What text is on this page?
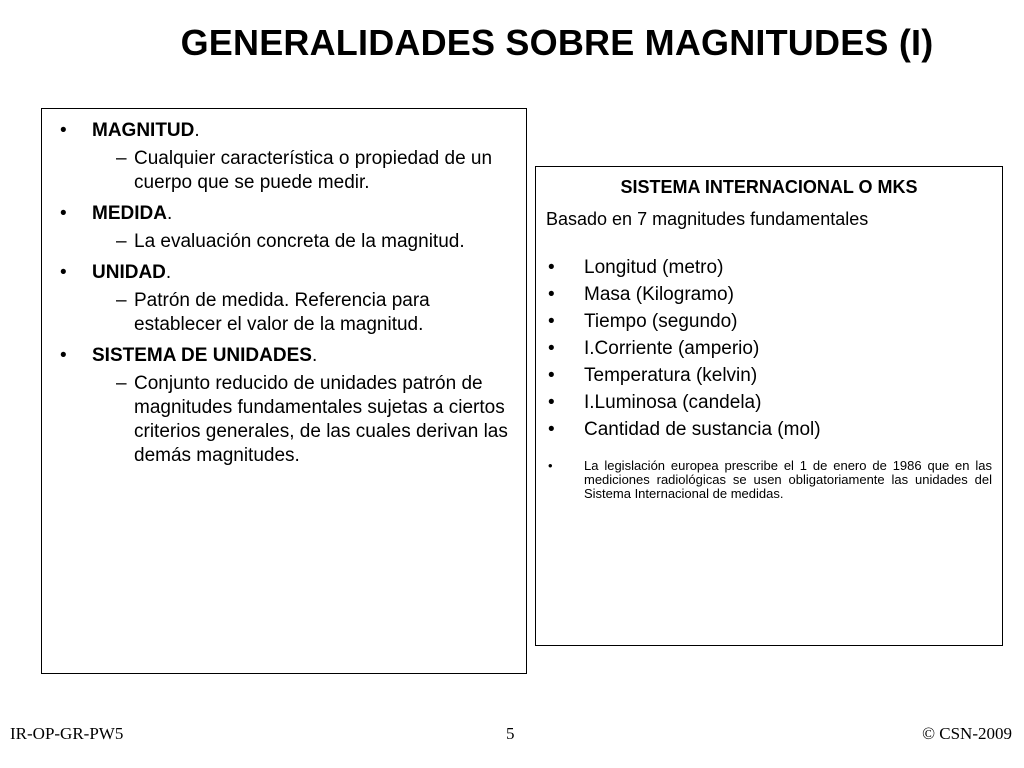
GENERALIDADES SOBRE MAGNITUDES (I)
•	MAGNITUD.
– Cualquier característica o propiedad de un cuerpo que se puede medir.
•	MEDIDA.
– La evaluación concreta de la magnitud.
•	UNIDAD.
– Patrón de medida. Referencia para establecer el valor de la magnitud.
•	SISTEMA DE UNIDADES.
– Conjunto reducido de unidades patrón de magnitudes fundamentales sujetas a ciertos criterios generales, de las cuales derivan las demás magnitudes.
SISTEMA INTERNACIONAL O MKS
Basado en 7 magnitudes fundamentales
•	Longitud (metro)
•	Masa (Kilogramo)
•	Tiempo (segundo)
•	I.Corriente (amperio)
•	Temperatura (kelvin)
•	I.Luminosa (candela)
•	Cantidad de sustancia (mol)
•	La legislación europea prescribe el 1 de enero de 1986 que en las mediciones radiológicas se usen obligatoriamente las unidades del Sistema Internacional de medidas.
IR-OP-GR-PW5	5	© CSN-2009
